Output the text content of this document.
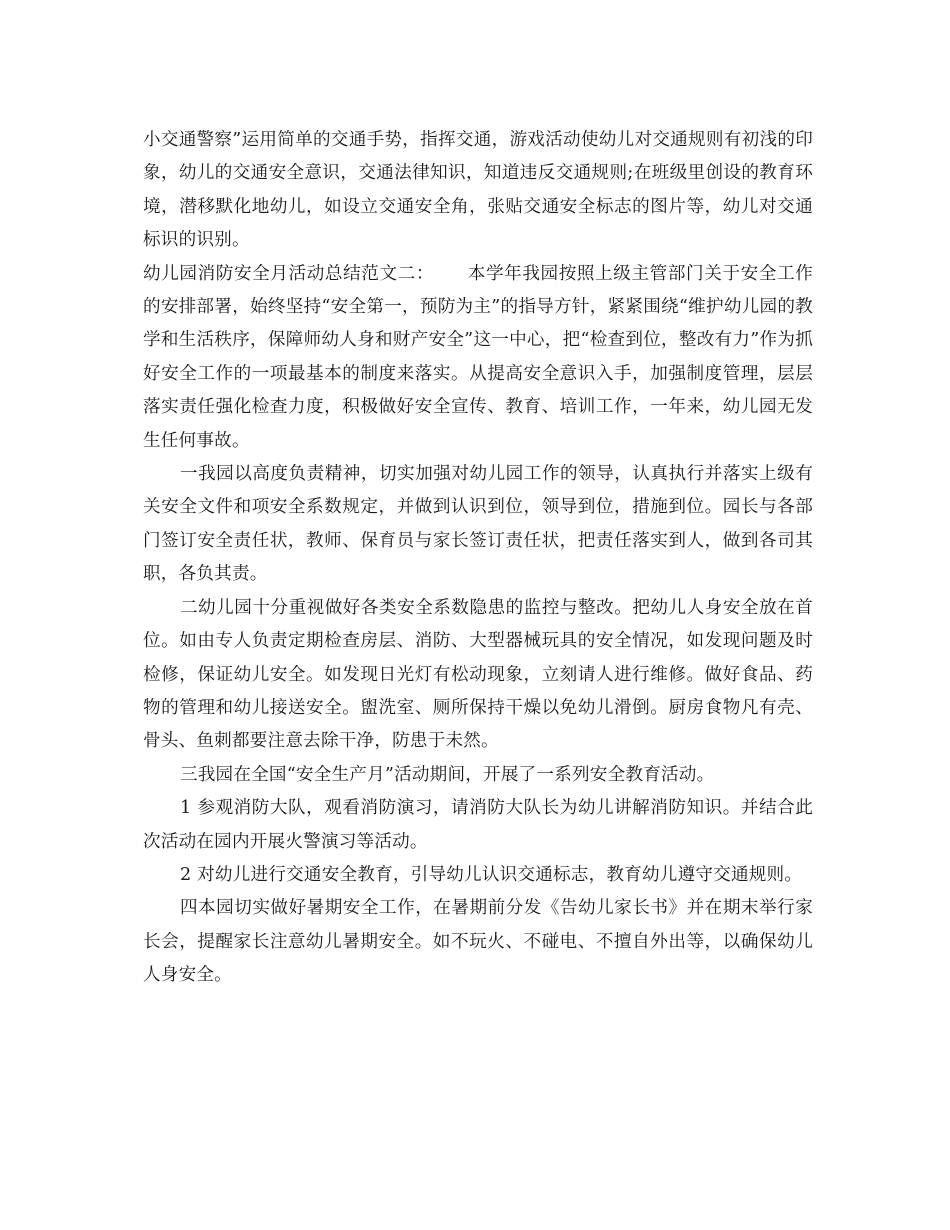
小交通警察”运用简单的交通手势，指挥交通，游戏活动使幼儿对交通规则有初浅的印象，幼儿的交通安全意识，交通法律知识，知道违反交通规则;在班级里创设的教育环境，潜移默化地幼儿，如设立交通安全角，张贴交通安全标志的图片等，幼儿对交通标识的识别。

幼儿园消防安全月活动总结范文二：　　 本学年我园按照上级主管部门关于安全工作的安排部署，始终坚持“安全第一，预防为主”的指导方针，紧紧围绕“维护幼儿园的教学和生活秩序，保障师幼人身和财产安全”这一中心，把“检查到位，整改有力”作为抓好安全工作的一项最基本的制度来落实。从提高安全意识入手，加强制度管理，层层落实责任强化检查力度，积极做好安全宣传、教育、培训工作，一年来，幼儿园无发生任何事故。

一我园以高度负责精神，切实加强对幼儿园工作的领导，认真执行并落实上级有关安全文件和项安全系数规定，并做到认识到位，领导到位，措施到位。园长与各部门签订安全责任状，教师、保育员与家长签订责任状，把责任落实到人，做到各司其职，各负其责。

二幼儿园十分重视做好各类安全系数隐患的监控与整改。把幼儿人身安全放在首位。如由专人负责定期检查房层、消防、大型器械玩具的安全情况，如发现问题及时检修，保证幼儿安全。如发现日光灯有松动现象，立刻请人进行维修。做好食品、药物的管理和幼儿接送安全。盥洗室、厕所保持干燥以免幼儿滑倒。厨房食物凡有壳、骨头、鱼刺都要注意去除干净，防患于未然。

三我园在全国“安全生产月”活动期间，开展了一系列安全教育活动。

1 参观消防大队，观看消防演习，请消防大队长为幼儿讲解消防知识。并结合此次活动在园内开展火警演习等活动。

2 对幼儿进行交通安全教育，引导幼儿认识交通标志，教育幼儿遵守交通规则。

四本园切实做好暑期安全工作，在暑期前分发《告幼儿家长书》并在期末举行家长会，提醒家长注意幼儿暑期安全。如不玩火、不碰电、不擅自外出等，以确保幼儿人身安全。
